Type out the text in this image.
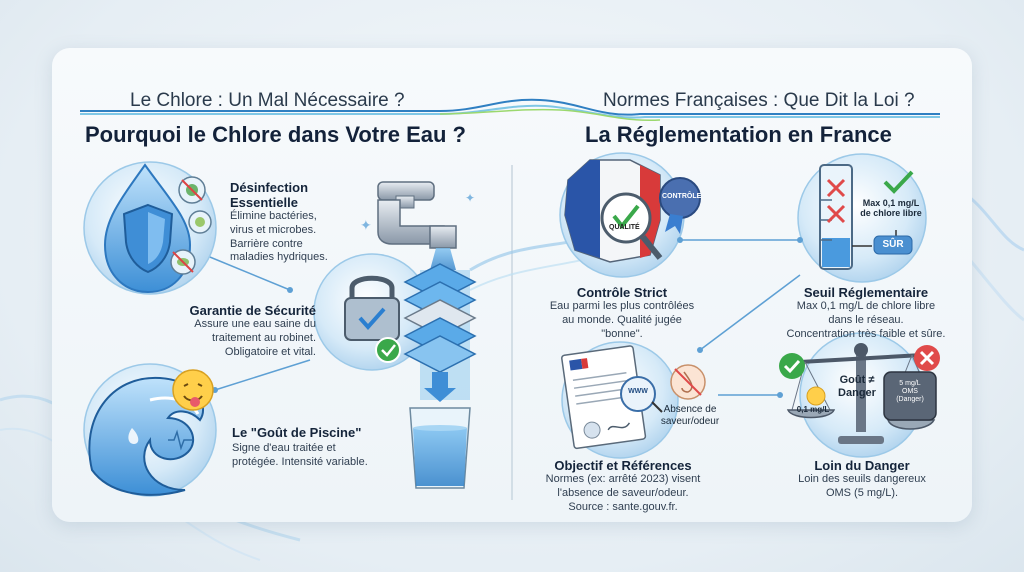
✦
✦
Le Chlore : Un Mal Nécessaire ?
Pourquoi le Chlore dans Votre Eau ?
Normes Françaises : Que Dit la Loi ?
La Réglementation en France
Désinfection
Essentielle
Élimine bactéries,
virus et microbes.
Barrière contre
maladies hydriques.
Garantie de Sécurité
Assure une eau saine du
traitement au robinet.
Obligatoire et vital.
Le "Goût de Piscine"
Signe d'eau traitée et
protégée. Intensité variable.
Contrôle Strict
Eau parmi les plus contrôlées
au monde. Qualité jugée
"bonne".
Seuil Réglementaire
Max 0,1 mg/L de chlore libre
dans le réseau.
Concentration très faible et sûre.
Objectif et Références
Normes (ex: arrêté 2023) visent
l'absence de saveur/odeur.
Source : sante.gouv.fr.
Loin du Danger
Loin des seuils dangereux
OMS (5 mg/L).
QUALITÉ
CONTRÔLE
Max 0,1 mg/L
de chlore libre
SÛR
WWW
Absence de
saveur/odeur
Goût ≠
Danger
0,1 mg/L
5 mg/L
OMS
(Danger)
